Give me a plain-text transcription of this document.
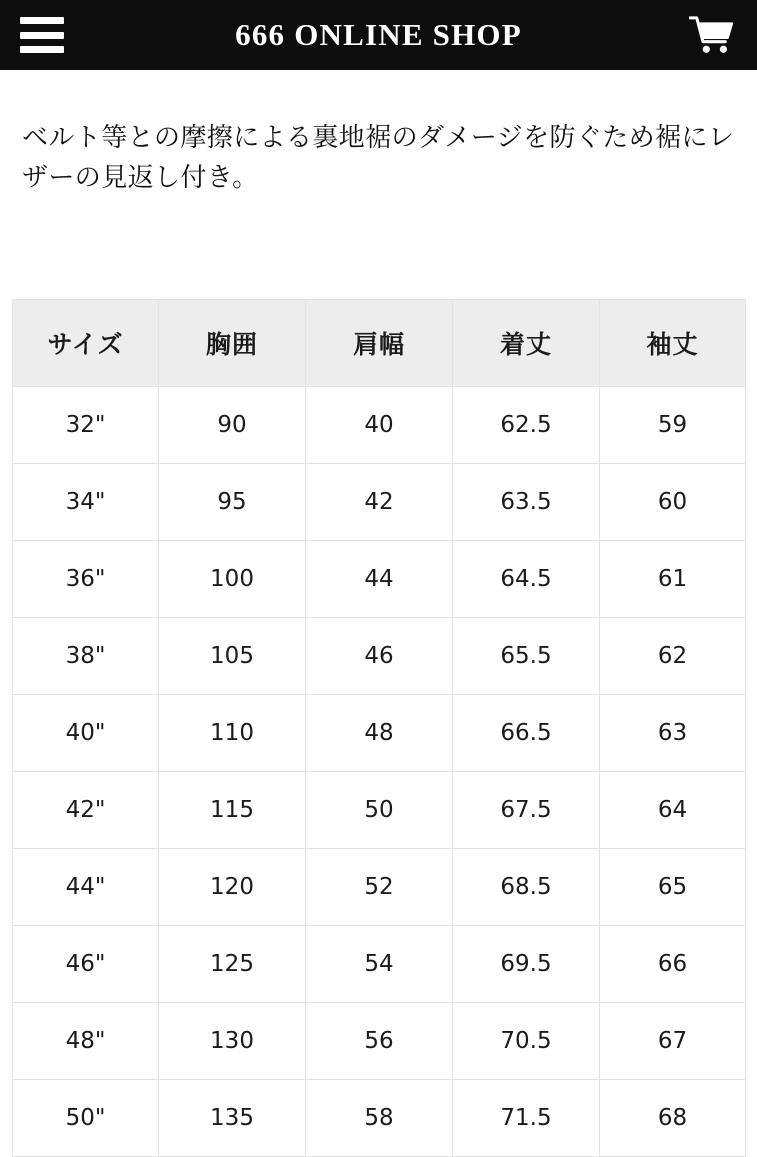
666 ONLINE SHOP

ベルト等との摩擦による裏地裾のダメージを防ぐため裾にレザーの見返し付き。

サイズ	胸囲	肩幅	着丈	袖丈
32"	90	40	62.5	59
34"	95	42	63.5	60
36"	100	44	64.5	61
38"	105	46	65.5	62
40"	110	48	66.5	63
42"	115	50	67.5	64
44"	120	52	68.5	65
46"	125	54	69.5	66
48"	130	56	70.5	67
50"	135	58	71.5	68
